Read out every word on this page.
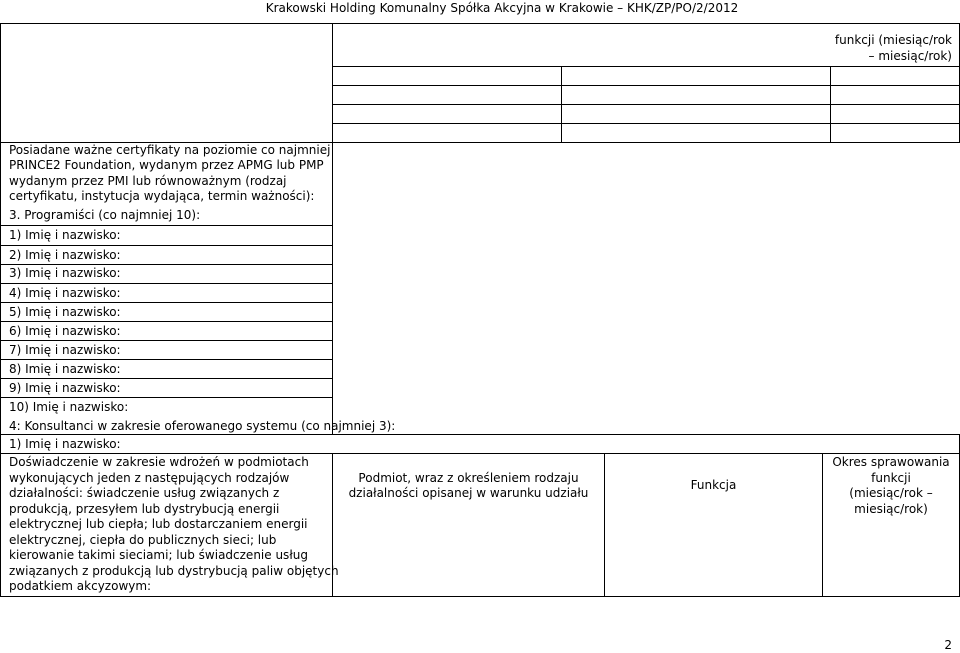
Krakowski Holding Komunalny Spółka Akcyjna w Krakowie – KHK/ZP/PO/2/2012
funkcji (miesiąc/rok
– miesiąc/rok)
Posiadane ważne certyfikaty na poziomie co najmniej
PRINCE2 Foundation, wydanym przez APMG lub PMP
wydanym przez PMI lub równoważnym (rodzaj
certyfikatu, instytucja wydająca, termin ważności):
3. Programiści (co najmniej 10):
1) Imię i nazwisko:
2) Imię i nazwisko:
3) Imię i nazwisko:
4) Imię i nazwisko:
5) Imię i nazwisko:
6) Imię i nazwisko:
7) Imię i nazwisko:
8) Imię i nazwisko:
9) Imię i nazwisko:
10) Imię i nazwisko:
4: Konsultanci w zakresie oferowanego systemu (co najmniej 3):
1) Imię i nazwisko:
Doświadczenie w zakresie wdrożeń w podmiotach
wykonujących jeden z następujących rodzajów
działalności: świadczenie usług związanych z
produkcją, przesyłem lub dystrybucją energii
elektrycznej lub ciepła; lub dostarczaniem energii
elektrycznej, ciepła do publicznych sieci; lub
kierowanie takimi sieciami; lub świadczenie usług
związanych z produkcją lub dystrybucją paliw objętych
podatkiem akcyzowym:
Podmiot, wraz z określeniem rodzaju
działalności opisanej w warunku udziału
Funkcja
Okres sprawowania
funkcji
(miesiąc/rok –
miesiąc/rok)
2
